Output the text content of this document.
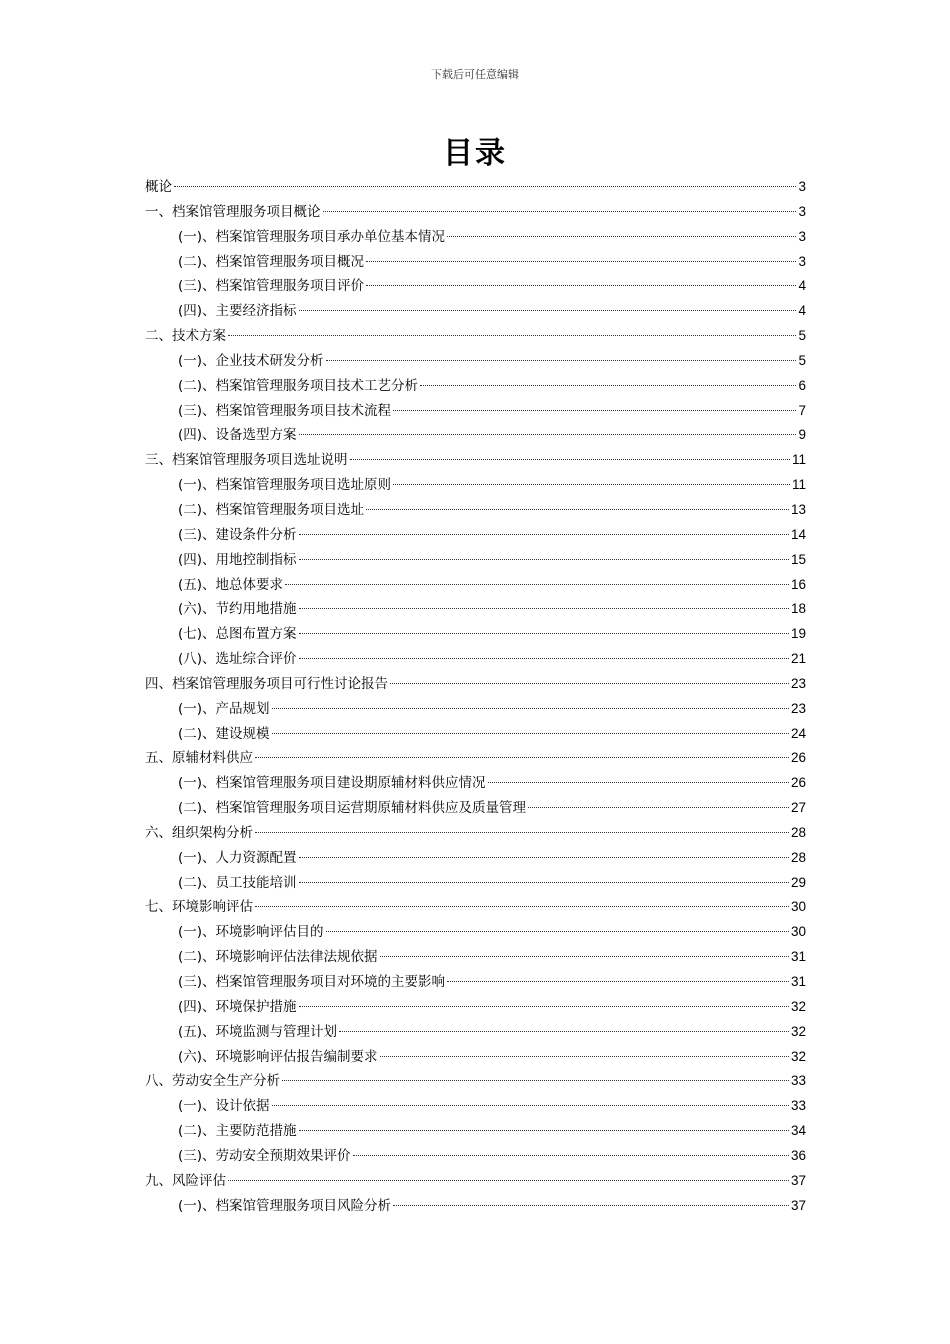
下载后可任意编辑
目录
概论	3
一、档案馆管理服务项目概论	3
(一)、档案馆管理服务项目承办单位基本情况	3
(二)、档案馆管理服务项目概况	3
(三)、档案馆管理服务项目评价	4
(四)、主要经济指标	4
二、技术方案	5
(一)、企业技术研发分析	5
(二)、档案馆管理服务项目技术工艺分析	6
(三)、档案馆管理服务项目技术流程	7
(四)、设备选型方案	9
三、档案馆管理服务项目选址说明	11
(一)、档案馆管理服务项目选址原则	11
(二)、档案馆管理服务项目选址	13
(三)、建设条件分析	14
(四)、用地控制指标	15
(五)、地总体要求	16
(六)、节约用地措施	18
(七)、总图布置方案	19
(八)、选址综合评价	21
四、档案馆管理服务项目可行性讨论报告	23
(一)、产品规划	23
(二)、建设规模	24
五、原辅材料供应	26
(一)、档案馆管理服务项目建设期原辅材料供应情况	26
(二)、档案馆管理服务项目运营期原辅材料供应及质量管理	27
六、组织架构分析	28
(一)、人力资源配置	28
(二)、员工技能培训	29
七、环境影响评估	30
(一)、环境影响评估目的	30
(二)、环境影响评估法律法规依据	31
(三)、档案馆管理服务项目对环境的主要影响	31
(四)、环境保护措施	32
(五)、环境监测与管理计划	32
(六)、环境影响评估报告编制要求	32
八、劳动安全生产分析	33
(一)、设计依据	33
(二)、主要防范措施	34
(三)、劳动安全预期效果评价	36
九、风险评估	37
(一)、档案馆管理服务项目风险分析	37
